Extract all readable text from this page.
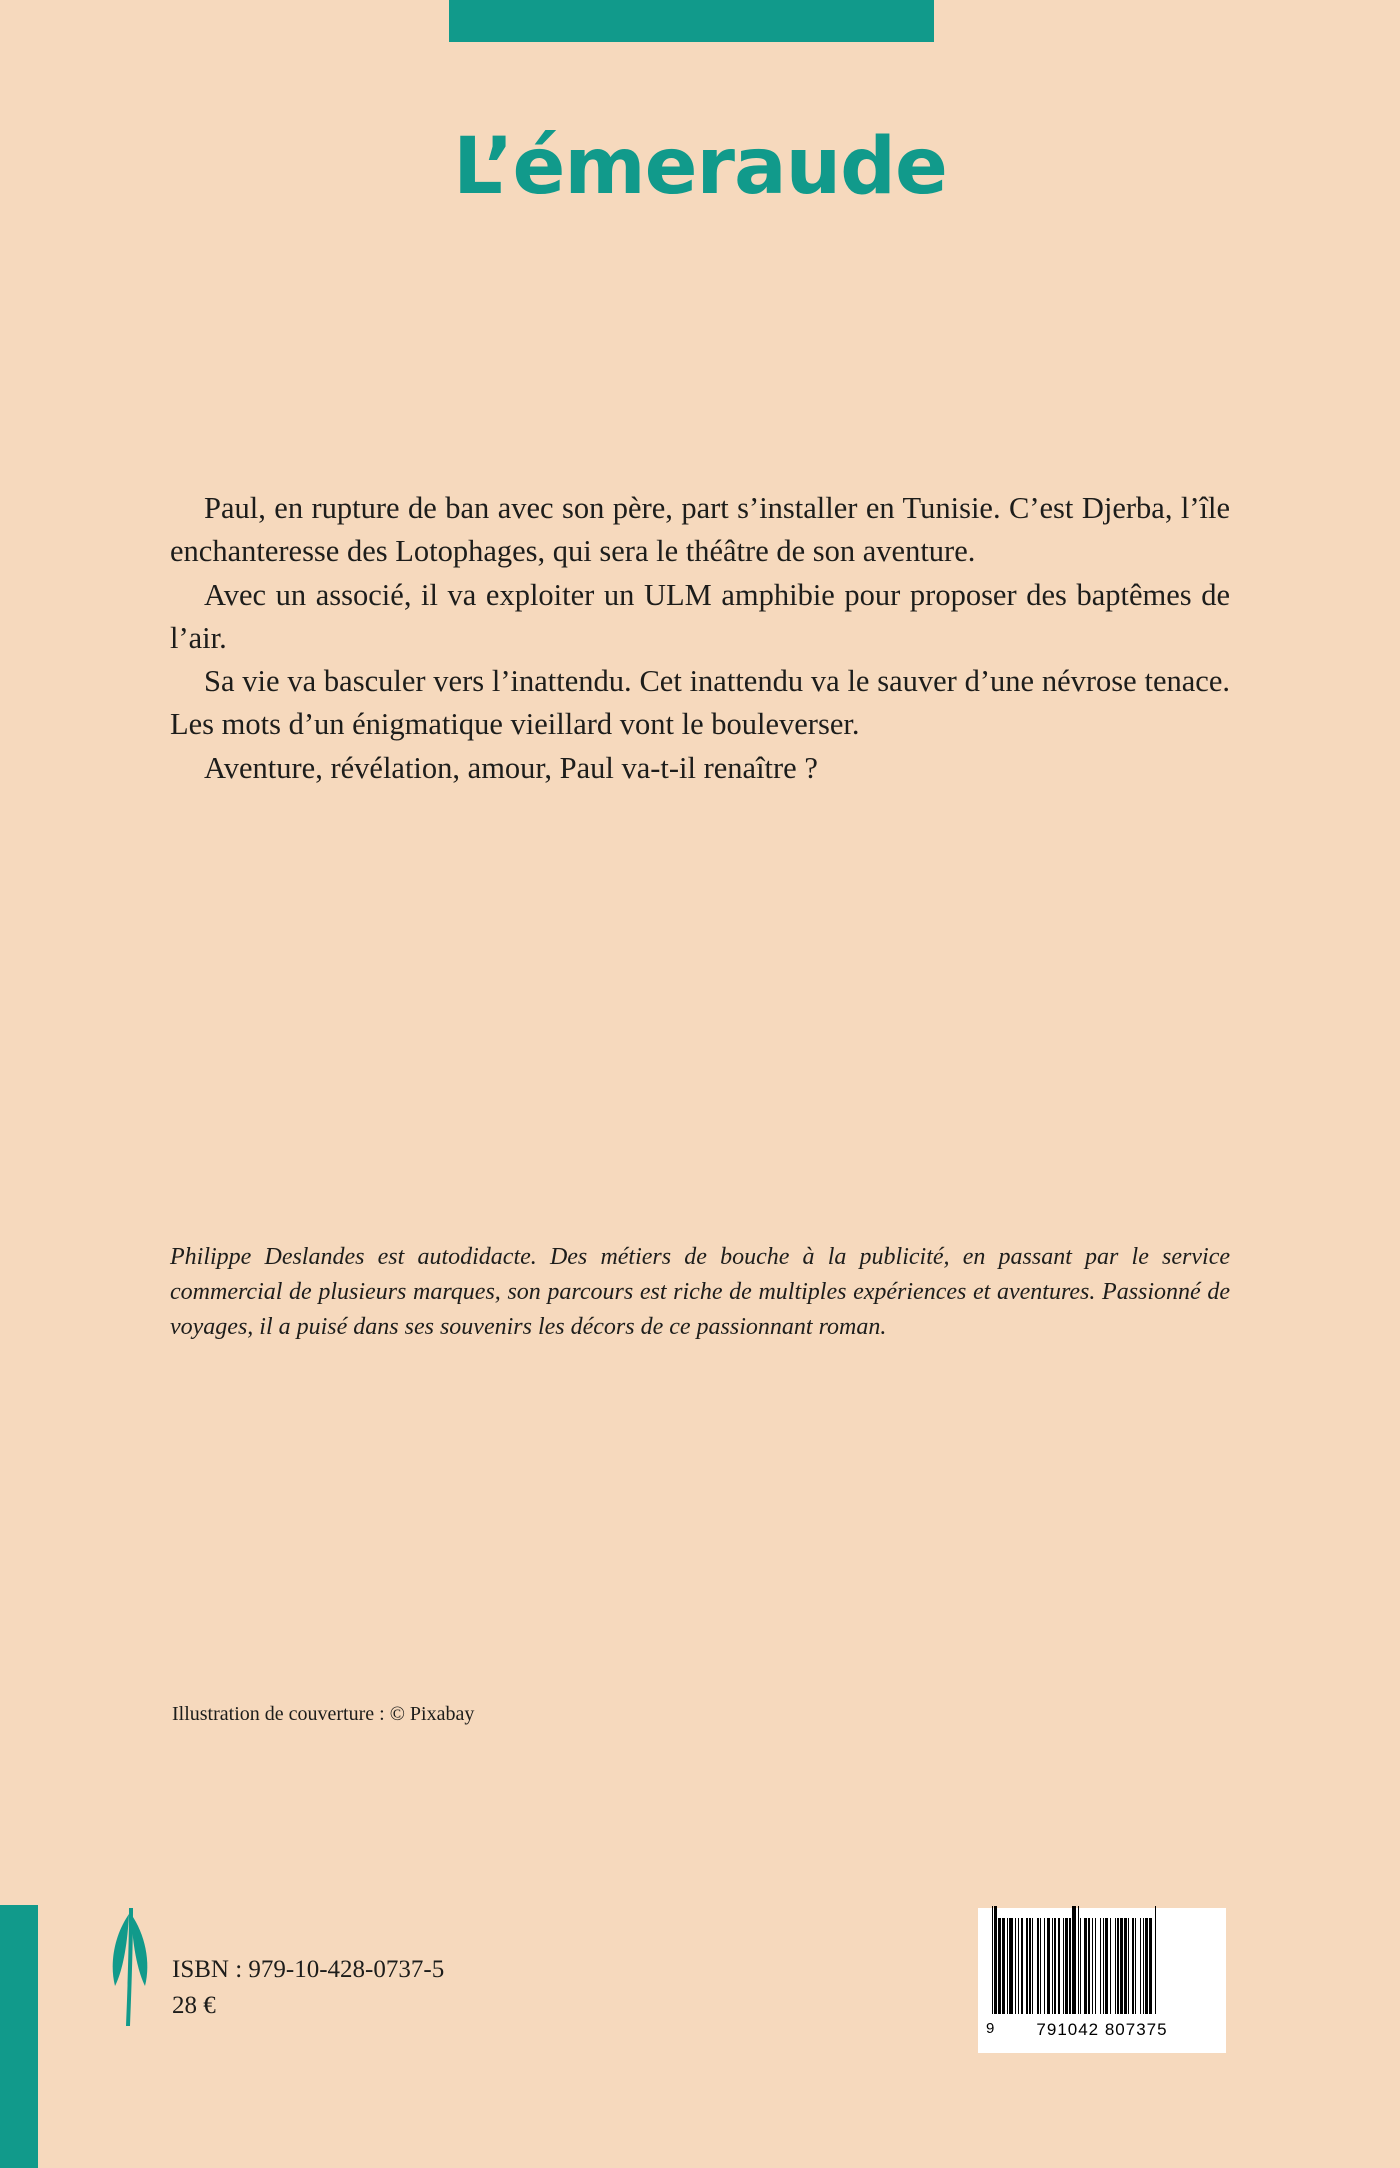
L’émeraude

Paul, en rupture de ban avec son père, part s’installer en Tunisie. C’est Djerba, l’île enchanteresse des Lotophages, qui sera le théâtre de son aventure.

Avec un associé, il va exploiter un ULM amphibie pour proposer des baptêmes de l’air.

Sa vie va basculer vers l’inattendu. Cet inattendu va le sauver d’une névrose tenace. Les mots d’un énigmatique vieillard vont le bouleverser.

Aventure, révélation, amour, Paul va-t-il renaître ?

Philippe Deslandes est autodidacte. Des métiers de bouche à la publicité, en passant par le service commercial de plusieurs marques, son parcours est riche de multiples expériences et aventures. Passionné de voyages, il a puisé dans ses souvenirs les décors de ce passionnant roman.

Illustration de couverture : © Pixabay
ISBN : 979-10-428-0737-5
28 €
9 791042 807375
